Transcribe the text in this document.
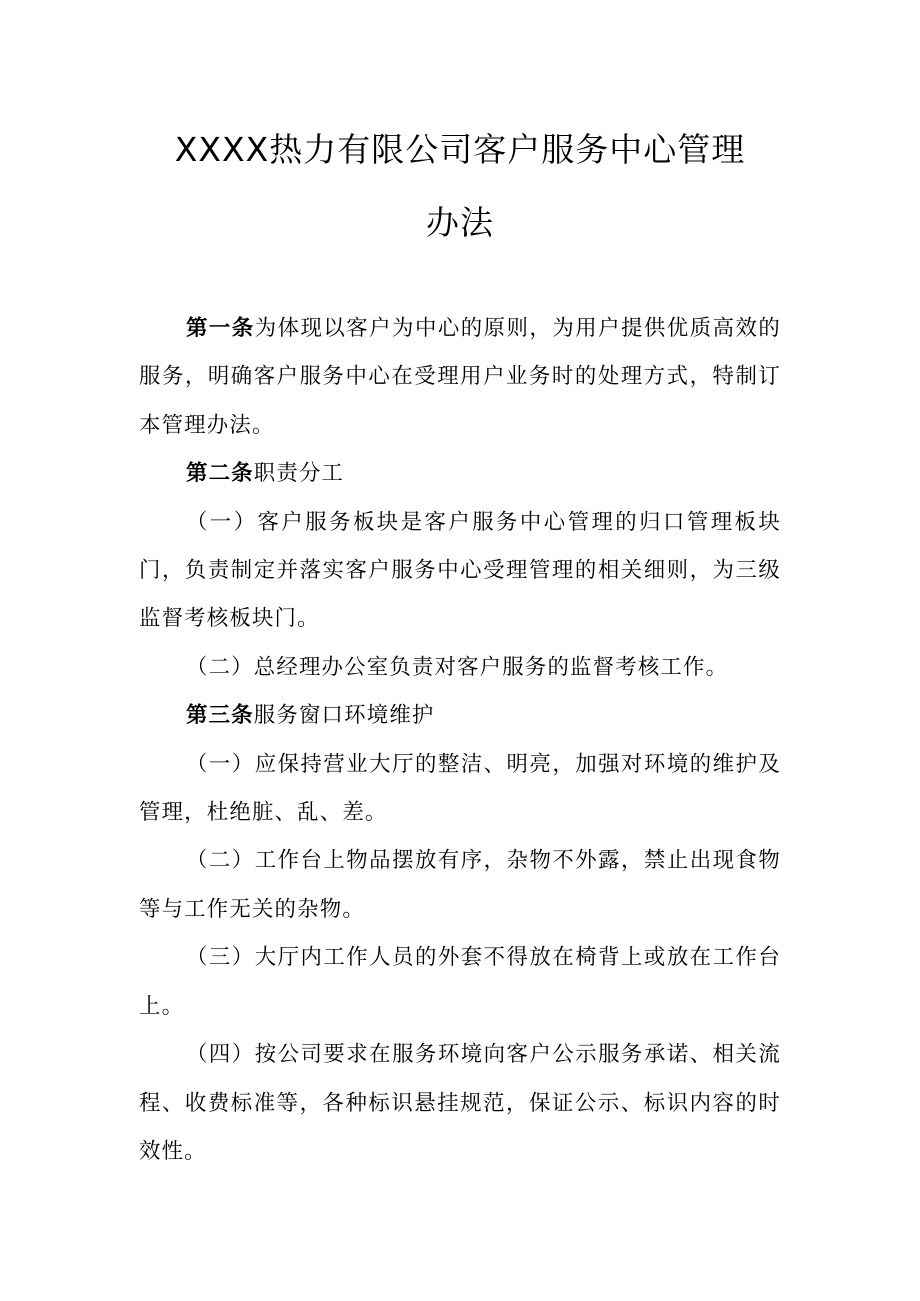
XXXX热力有限公司客户服务中心管理
办法

第一条为体现以客户为中心的原则，为用户提供优质高效的服务，明确客户服务中心在受理用户业务时的处理方式，特制订本管理办法。

第二条职责分工

（一）客户服务板块是客户服务中心管理的归口管理板块门，负责制定并落实客户服务中心受理管理的相关细则，为三级监督考核板块门。

（二）总经理办公室负责对客户服务的监督考核工作。

第三条服务窗口环境维护

（一）应保持营业大厅的整洁、明亮，加强对环境的维护及管理，杜绝脏、乱、差。

（二）工作台上物品摆放有序，杂物不外露，禁止出现食物等与工作无关的杂物。

（三）大厅内工作人员的外套不得放在椅背上或放在工作台上。

（四）按公司要求在服务环境向客户公示服务承诺、相关流程、收费标准等，各种标识悬挂规范，保证公示、标识内容的时效性。
